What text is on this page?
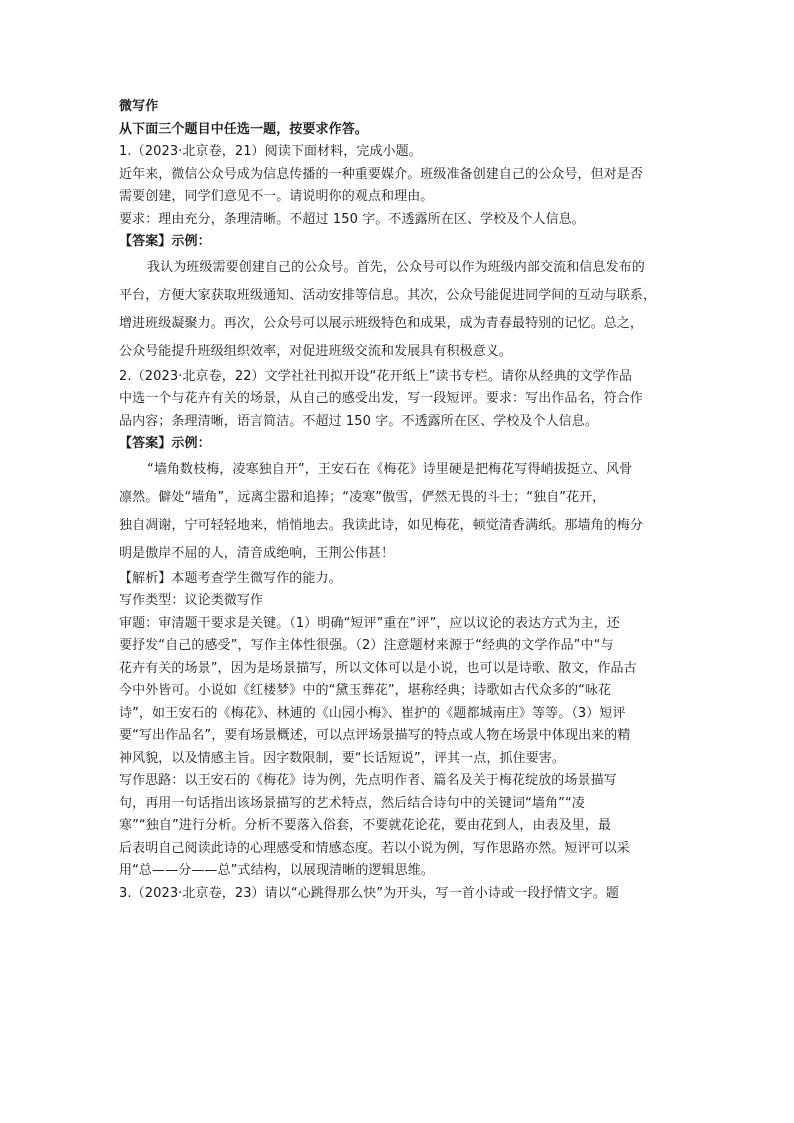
微写作
从下面三个题目中任选一题，按要求作答。
1.（2023·北京卷，21）阅读下面材料，完成小题。
近年来，微信公众号成为信息传播的一种重要媒介。班级准备创建自己的公众号，但对是否
需要创建，同学们意见不一。请说明你的观点和理由。
要求：理由充分，条理清晰。不超过 150 字。不透露所在区、学校及个人信息。
【答案】示例：
我认为班级需要创建自己的公众号。首先，公众号可以作为班级内部交流和信息发布的
平台，方便大家获取班级通知、活动安排等信息。其次，公众号能促进同学间的互动与联系，
增进班级凝聚力。再次，公众号可以展示班级特色和成果，成为青春最特别的记忆。总之，
公众号能提升班级组织效率，对促进班级交流和发展具有积极意义。
2.（2023·北京卷，22）文学社社刊拟开设“花开纸上”读书专栏。请你从经典的文学作品
中选一个与花卉有关的场景，从自己的感受出发，写一段短评。要求：写出作品名，符合作
品内容；条理清晰，语言简洁。不超过 150 字。不透露所在区、学校及个人信息。
【答案】示例：
“墙角数枝梅，凌寒独自开”，王安石在《梅花》诗里硬是把梅花写得峭拔挺立、风骨
凛然。僻处“墙角”，远离尘嚣和追捧；“凌寒”傲雪，俨然无畏的斗士；“独自”花开，
独自凋谢，宁可轻轻地来，悄悄地去。我读此诗，如见梅花，顿觉清香满纸。那墙角的梅分
明是傲岸不屈的人，清音成绝响，王荆公伟甚！
【解析】本题考查学生微写作的能力。
写作类型：议论类微写作
审题：审清题干要求是关键。（1）明确“短评”重在“评”，应以议论的表达方式为主，还
要抒发“自己的感受”，写作主体性很强。（2）注意题材来源于“经典的文学作品”中“与
花卉有关的场景”，因为是场景描写，所以文体可以是小说，也可以是诗歌、散文，作品古
今中外皆可。小说如《红楼梦》中的“黛玉葬花”，堪称经典；诗歌如古代众多的“咏花
诗”，如王安石的《梅花》、林逋的《山园小梅》、崔护的《题都城南庄》等等。（3）短评
要“写出作品名”，要有场景概述，可以点评场景描写的特点或人物在场景中体现出来的精
神风貌，以及情感主旨。因字数限制，要“长话短说”，评其一点，抓住要害。
写作思路：以王安石的《梅花》诗为例，先点明作者、篇名及关于梅花绽放的场景描写
句，再用一句话指出该场景描写的艺术特点，然后结合诗句中的关键词“墙角”“凌
寒”“独自”进行分析。分析不要落入俗套，不要就花论花，要由花到人，由表及里，最
后表明自己阅读此诗的心理感受和情感态度。若以小说为例，写作思路亦然。短评可以采
用“总——分——总”式结构，以展现清晰的逻辑思维。
3.（2023·北京卷，23）请以“心跳得那么快”为开头，写一首小诗或一段抒情文字。题
